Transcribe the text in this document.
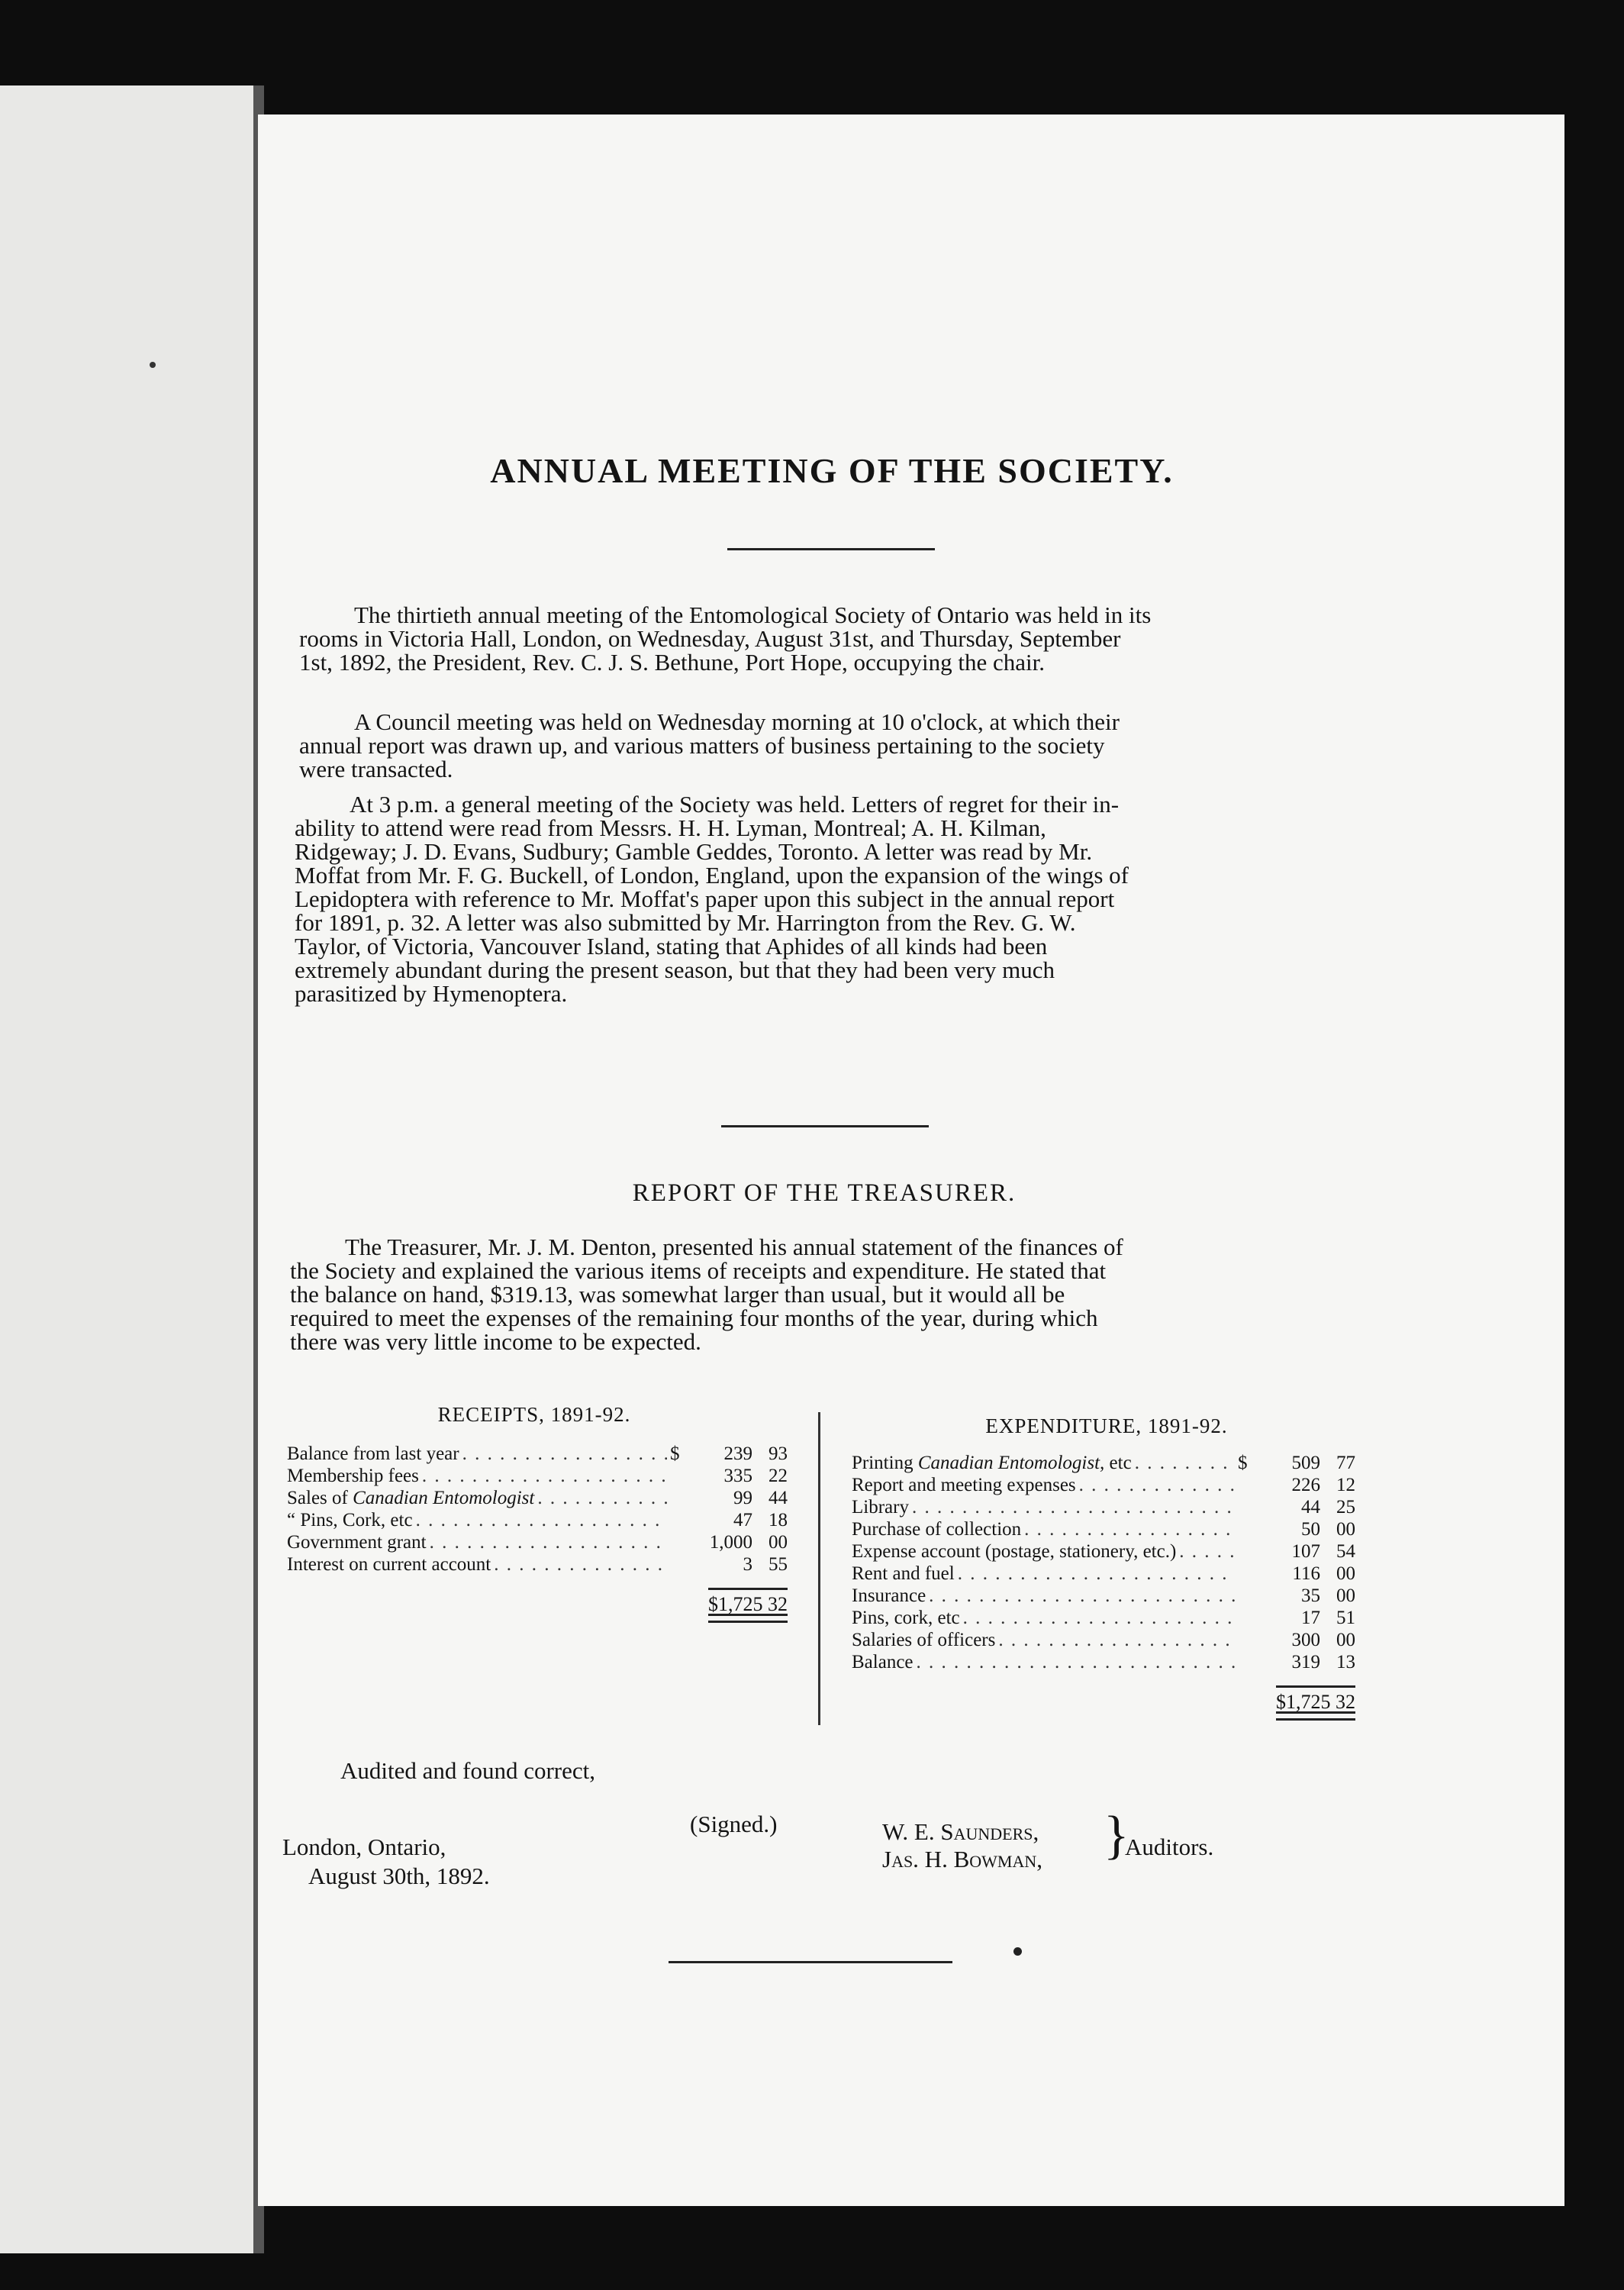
ANNUAL MEETING OF THE SOCIETY.
The thirtieth annual meeting of the Entomological Society of Ontario was held in its
rooms in Victoria Hall, London, on Wednesday, August 31st, and Thursday, September
1st, 1892, the President, Rev. C. J. S. Bethune, Port Hope, occupying the chair.
A Council meeting was held on Wednesday morning at 10 o'clock, at which their
annual report was drawn up, and various matters of business pertaining to the society
were transacted.
At 3 p.m. a general meeting of the Society was held. Letters of regret for their in-
ability to attend were read from Messrs. H. H. Lyman, Montreal; A. H. Kilman,
Ridgeway; J. D. Evans, Sudbury; Gamble Geddes, Toronto. A letter was read by Mr.
Moffat from Mr. F. G. Buckell, of London, England, upon the expansion of the wings of
Lepidoptera with reference to Mr. Moffat's paper upon this subject in the annual report
for 1891, p. 32. A letter was also submitted by Mr. Harrington from the Rev. G. W.
Taylor, of Victoria, Vancouver Island, stating that Aphides of all kinds had been
extremely abundant during the present season, but that they had been very much
parasitized by Hymenoptera.
REPORT OF THE TREASURER.
The Treasurer, Mr. J. M. Denton, presented his annual statement of the finances of
the Society and explained the various items of receipts and expenditure. He stated that
the balance on hand, $319.13, was somewhat larger than usual, but it would all be
required to meet the expenses of the remaining four months of the year, during which
there was very little income to be expected.
RECEIPTS, 1891-92.
Balance from last year . . .	$	239 93
Membership fees . . .	335 22
Sales of Canadian Entomologist . . .	99 44
“ Pins, Cork, etc . . .	47 18
Government grant . . .	1,000 00
Interest on current account . . .	3 55
$1,725 32
EXPENDITURE, 1891-92.
Printing Canadian Entomologist, etc . . .	$	509 77
Report and meeting expenses . . .	226 12
Library . . .	44 25
Purchase of collection . . .	50 00
Expense account (postage, stationery, etc.) . . .	107 54
Rent and fuel . . .	116 00
Insurance . . .	35 00
Pins, cork, etc . . .	17 51
Salaries of officers . . .	300 00
Balance . . .	319 13
$1,725 32
Audited and found correct,
(Signed.)
London, Ontario,
August 30th, 1892.
W. E. Saunders,
Jas. H. Bowman, }
Auditors.
